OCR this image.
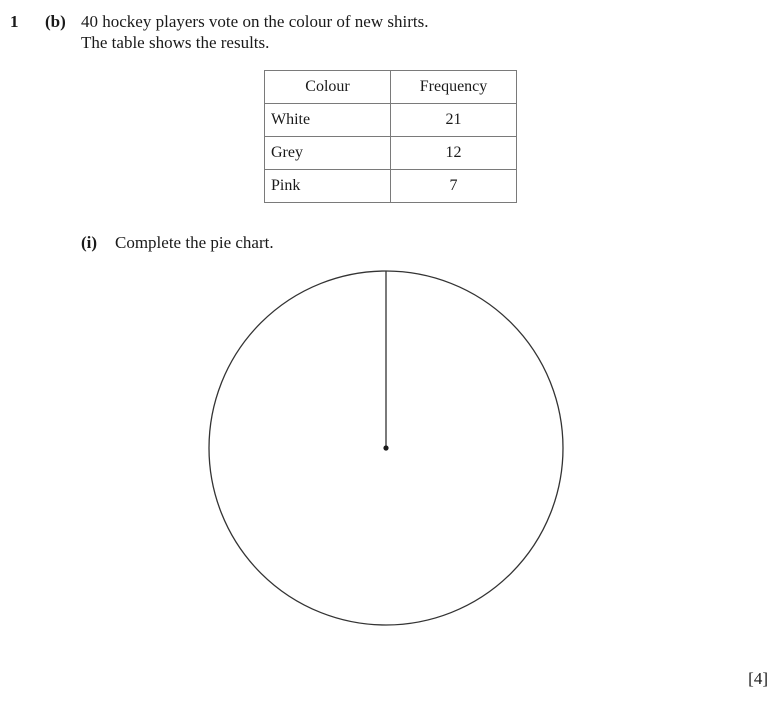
1 (b) 40 hockey players vote on the colour of new shirts.
The table shows the results.
Colour	Frequency
White	21
Grey	12
Pink	7
(i) Complete the pie chart.
[4]
